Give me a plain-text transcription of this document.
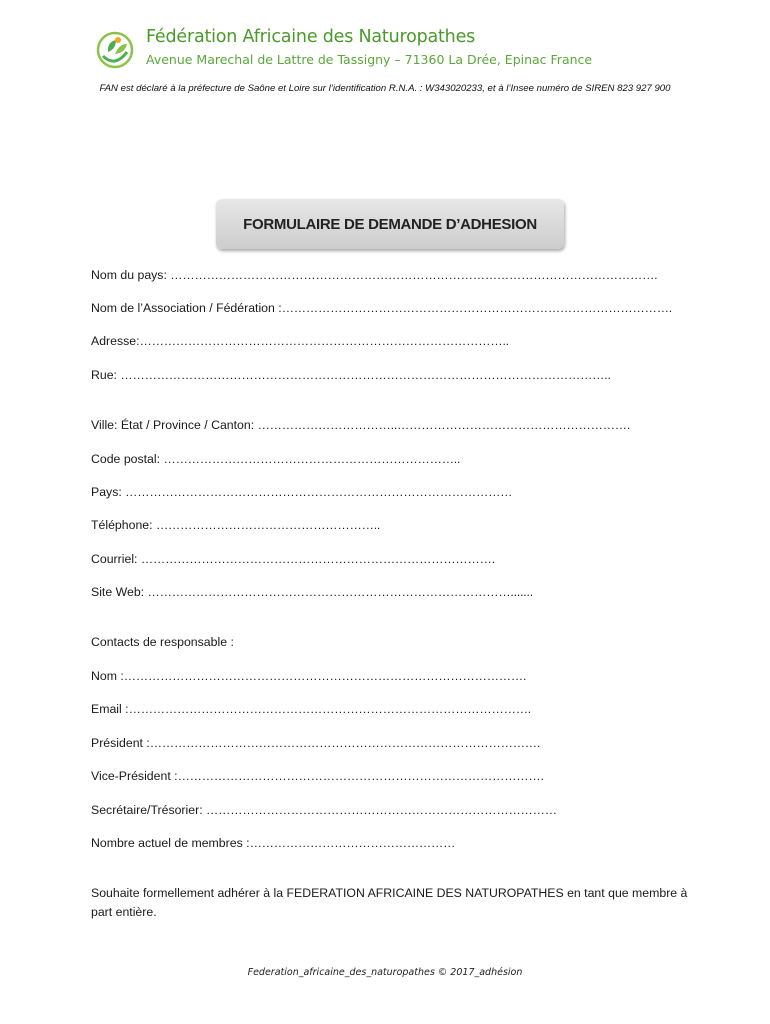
Fédération Africaine des Naturopathes
Avenue Marechal de Lattre de Tassigny – 71360 La Drée, Epinac France
FAN est déclaré à la préfecture de Saône et Loire sur l’identification R.N.A. : W343020233, et à l’Insee numéro de SIREN 823 927 900
FORMULAIRE DE DEMANDE D’ADHESION
Nom du pays: ………………………………………………………………………………………………………….
Nom de l’Association / Fédération :…………………………………………………………………………………….
Adresse:………………………………………………………………………………..
Rue: …………………………………………………………………………………………………………..
Ville: État / Province / Canton: ……………………………..………………………………………………….
Code postal: ………………………………………………………………..
Pays: ……………………………………………………………………………………
Téléphone: ………………………………………………..
Courriel: …………………………………………………………………………….
Site Web: ……………………………………………………………………………….......
Contacts de responsable :
Nom :……………………………………………………………………………………….
Email :……………………………………………………………………………………….
Président :…………………………………………………………………………………….
Vice-Président :……………………………………………………………………………….
Secrétaire/Trésorier: ……………………………………………………………………………
Nombre actuel de membres :……………………………………………
Souhaite formellement adhérer à la FEDERATION AFRICAINE DES NATUROPATHES en tant que membre à part entière.
Federation_africaine_des_naturopathes © 2017_adhésion
